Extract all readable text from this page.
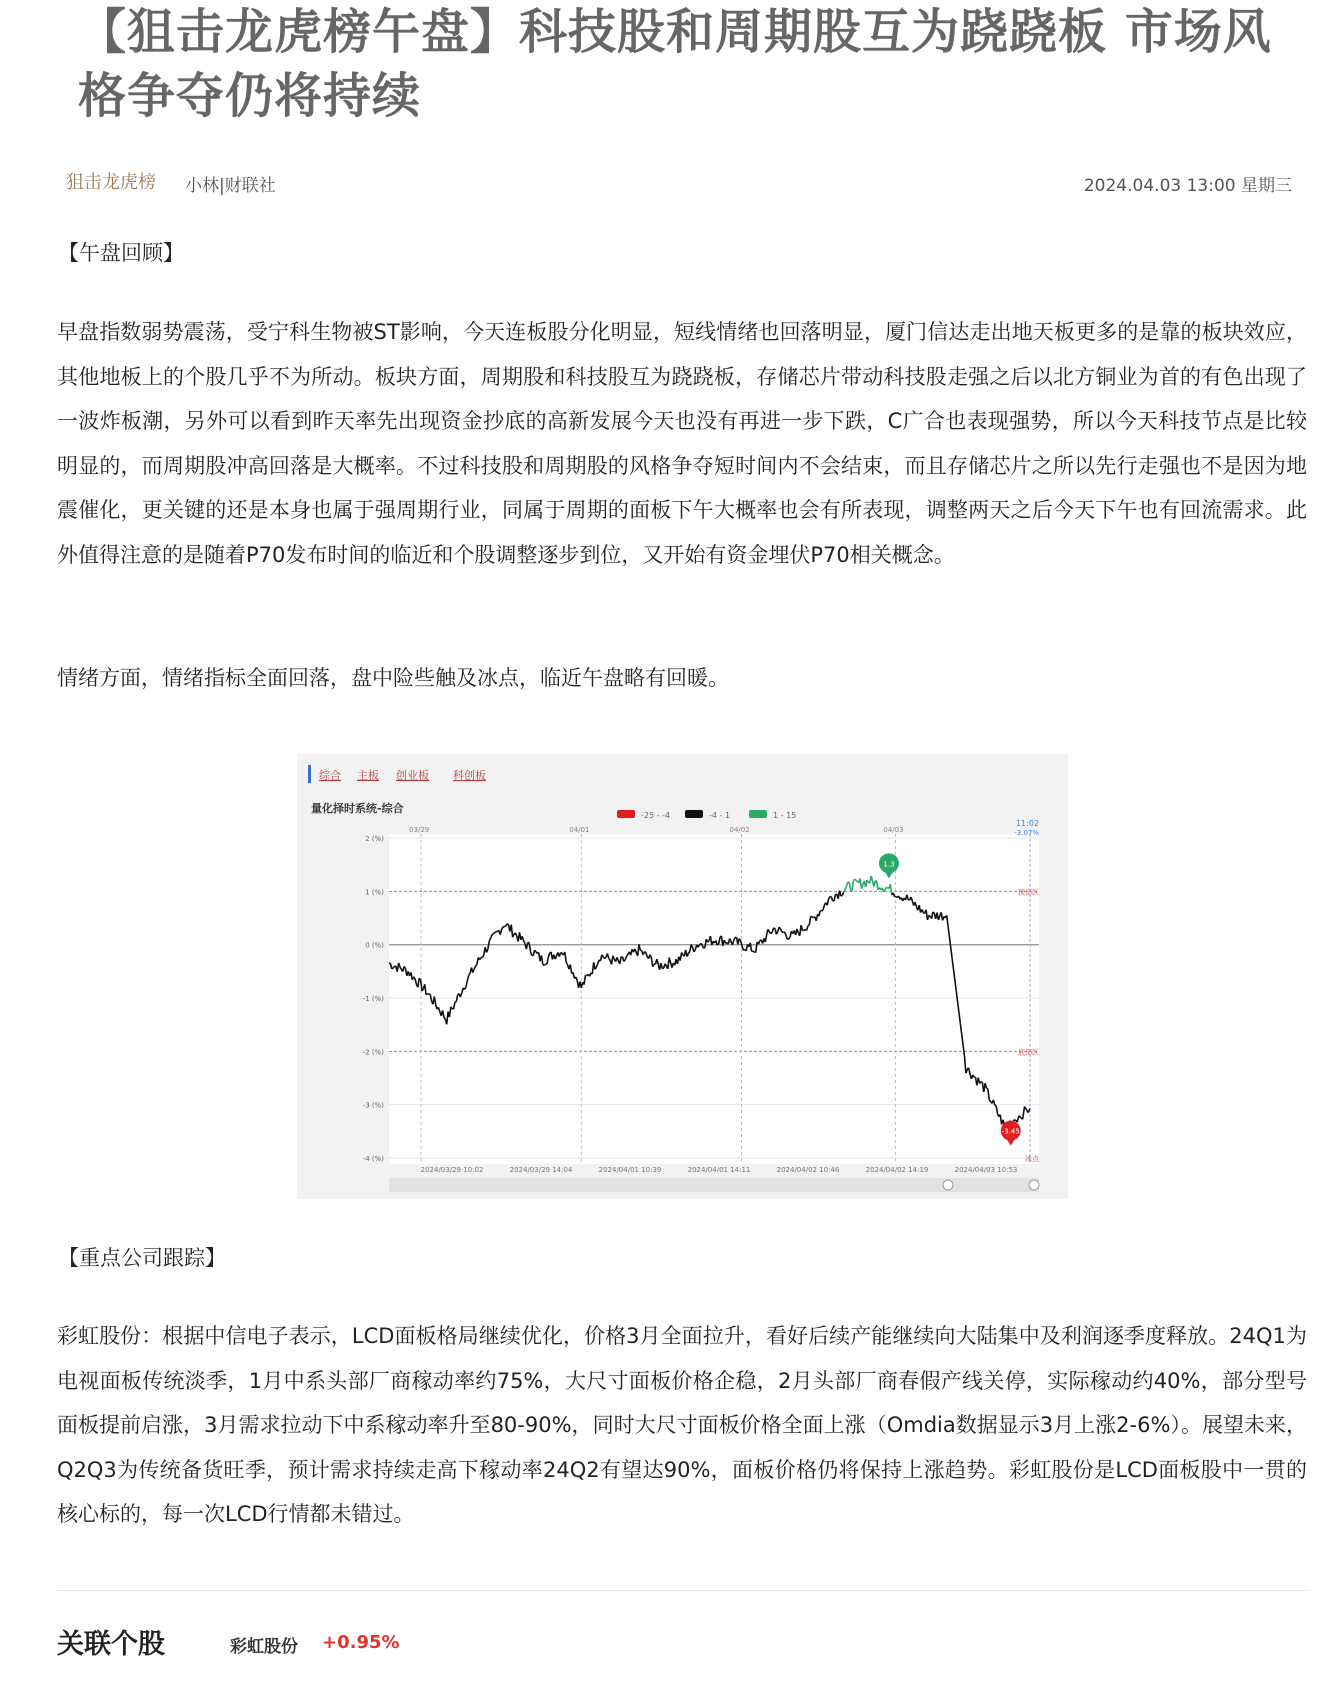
【狙击龙虎榜午盘】科技股和周期股互为跷跷板 市场风格争夺仍将持续
狙击龙虎榜 小林|财联社	2024.04.03 13:00 星期三
【午盘回顾】

早盘指数弱势震荡，受宁科生物被ST影响，今天连板股分化明显，短线情绪也回落明显，厦门信达走出地天板更多的是靠的板块效应，其他地板上的个股几乎不为所动。板块方面，周期股和科技股互为跷跷板，存储芯片带动科技股走强之后以北方铜业为首的有色出现了一波炸板潮，另外可以看到昨天率先出现资金抄底的高新发展今天也没有再进一步下跌，C广合也表现强势，所以今天科技节点是比较明显的，而周期股冲高回落是大概率。不过科技股和周期股的风格争夺短时间内不会结束，而且存储芯片之所以先行走强也不是因为地震催化，更关键的还是本身也属于强周期行业，同属于周期的面板下午大概率也会有所表现，调整两天之后今天下午也有回流需求。此外值得注意的是随着P70发布时间的临近和个股调整逐步到位，又开始有资金埋伏P70相关概念。

情绪方面，情绪指标全面回落，盘中险些触及冰点，临近午盘略有回暖。

综合 主板 创业板 科创板
量化择时系统-综合
-25 - -4	-4 - 1	1 - 15
2 (%)
1 (%)
0 (%)
-1 (%)
-2 (%)
-3 (%)
-4 (%)
顶部区
底部区
冰点
03/29	04/01	04/02	04/03
11:02
-3.07%
2024/03/29 10:02	2024/03/29 14:04	2024/04/01 10:39	2024/04/01 14:11	2024/04/02 10:46	2024/04/02 14:19	2024/04/03 10:53
1.3
-3.45
【重点公司跟踪】

彩虹股份：根据中信电子表示，LCD面板格局继续优化，价格3月全面拉升，看好后续产能继续向大陆集中及利润逐季度释放。24Q1为电视面板传统淡季，1月中系头部厂商稼动率约75%，大尺寸面板价格企稳，2月头部厂商春假产线关停，实际稼动约40%，部分型号面板提前启涨，3月需求拉动下中系稼动率升至80-90%，同时大尺寸面板价格全面上涨（Omdia数据显示3月上涨2-6%）。展望未来，Q2Q3为传统备货旺季，预计需求持续走高下稼动率24Q2有望达90%，面板价格仍将保持上涨趋势。彩虹股份是LCD面板股中一贯的核心标的，每一次LCD行情都未错过。

关联个股	彩虹股份 +0.95%
